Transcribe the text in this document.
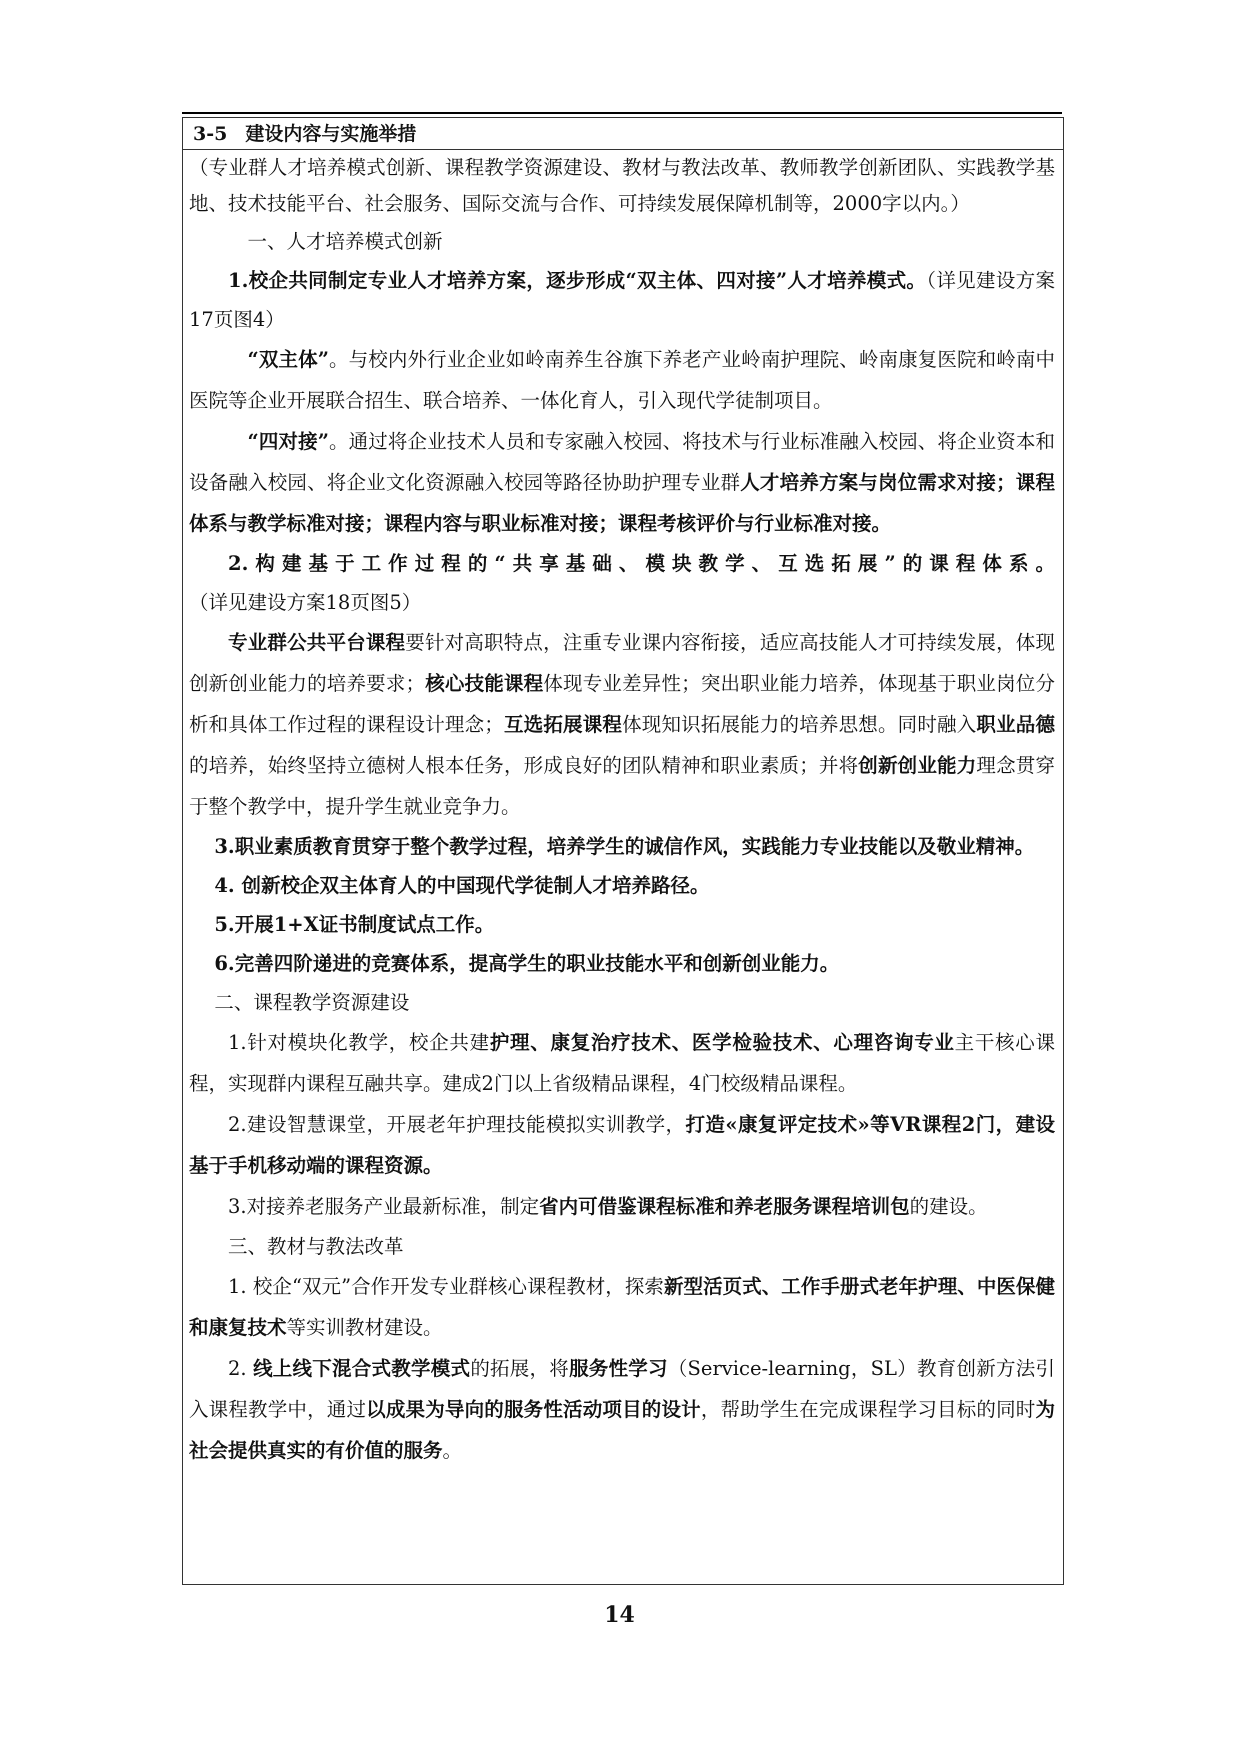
3-5 建设内容与实施举措

（专业群人才培养模式创新、课程教学资源建设、教材与教法改革、教师教学创新团队、实践教学基地、技术技能平台、社会服务、国际交流与合作、可持续发展保障机制等，2000字以内。）

一、人才培养模式创新

1.校企共同制定专业人才培养方案，逐步形成“双主体、四对接”人才培养模式。（详见建设方案17页图4）

“双主体”。与校内外行业企业如岭南养生谷旗下养老产业岭南护理院、岭南康复医院和岭南中医院等企业开展联合招生、联合培养、一体化育人，引入现代学徒制项目。

“四对接”。通过将企业技术人员和专家融入校园、将技术与行业标准融入校园、将企业资本和设备融入校园、将企业文化资源融入校园等路径协助护理专业群人才培养方案与岗位需求对接；课程体系与教学标准对接；课程内容与职业标准对接；课程考核评价与行业标准对接。

2.构建基于工作过程的“共享基础、模块教学、互选拓展”的课程体系。（详见建设方案18页图5）

专业群公共平台课程要针对高职特点，注重专业课内容衔接，适应高技能人才可持续发展，体现创新创业能力的培养要求；核心技能课程体现专业差异性；突出职业能力培养，体现基于职业岗位分析和具体工作过程的课程设计理念；互选拓展课程体现知识拓展能力的培养思想。同时融入职业品德的培养，始终坚持立德树人根本任务，形成良好的团队精神和职业素质；并将创新创业能力理念贯穿于整个教学中，提升学生就业竞争力。

3.职业素质教育贯穿于整个教学过程，培养学生的诚信作风，实践能力专业技能以及敬业精神。

4. 创新校企双主体育人的中国现代学徒制人才培养路径。

5.开展1+X证书制度试点工作。

6.完善四阶递进的竞赛体系，提高学生的职业技能水平和创新创业能力。

二、课程教学资源建设

1.针对模块化教学，校企共建护理、康复治疗技术、医学检验技术、心理咨询专业主干核心课程，实现群内课程互融共享。建成2门以上省级精品课程，4门校级精品课程。

2.建设智慧课堂，开展老年护理技能模拟实训教学，打造«康复评定技术»等VR课程2门，建设基于手机移动端的课程资源。

3.对接养老服务产业最新标准，制定省内可借鉴课程标准和养老服务课程培训包的建设。

三、教材与教法改革

1. 校企“双元”合作开发专业群核心课程教材，探索新型活页式、工作手册式老年护理、中医保健和康复技术等实训教材建设。

2. 线上线下混合式教学模式的拓展，将服务性学习（Service-learning，SL）教育创新方法引入课程教学中，通过以成果为导向的服务性活动项目的设计，帮助学生在完成课程学习目标的同时为社会提供真实的有价值的服务。

14
